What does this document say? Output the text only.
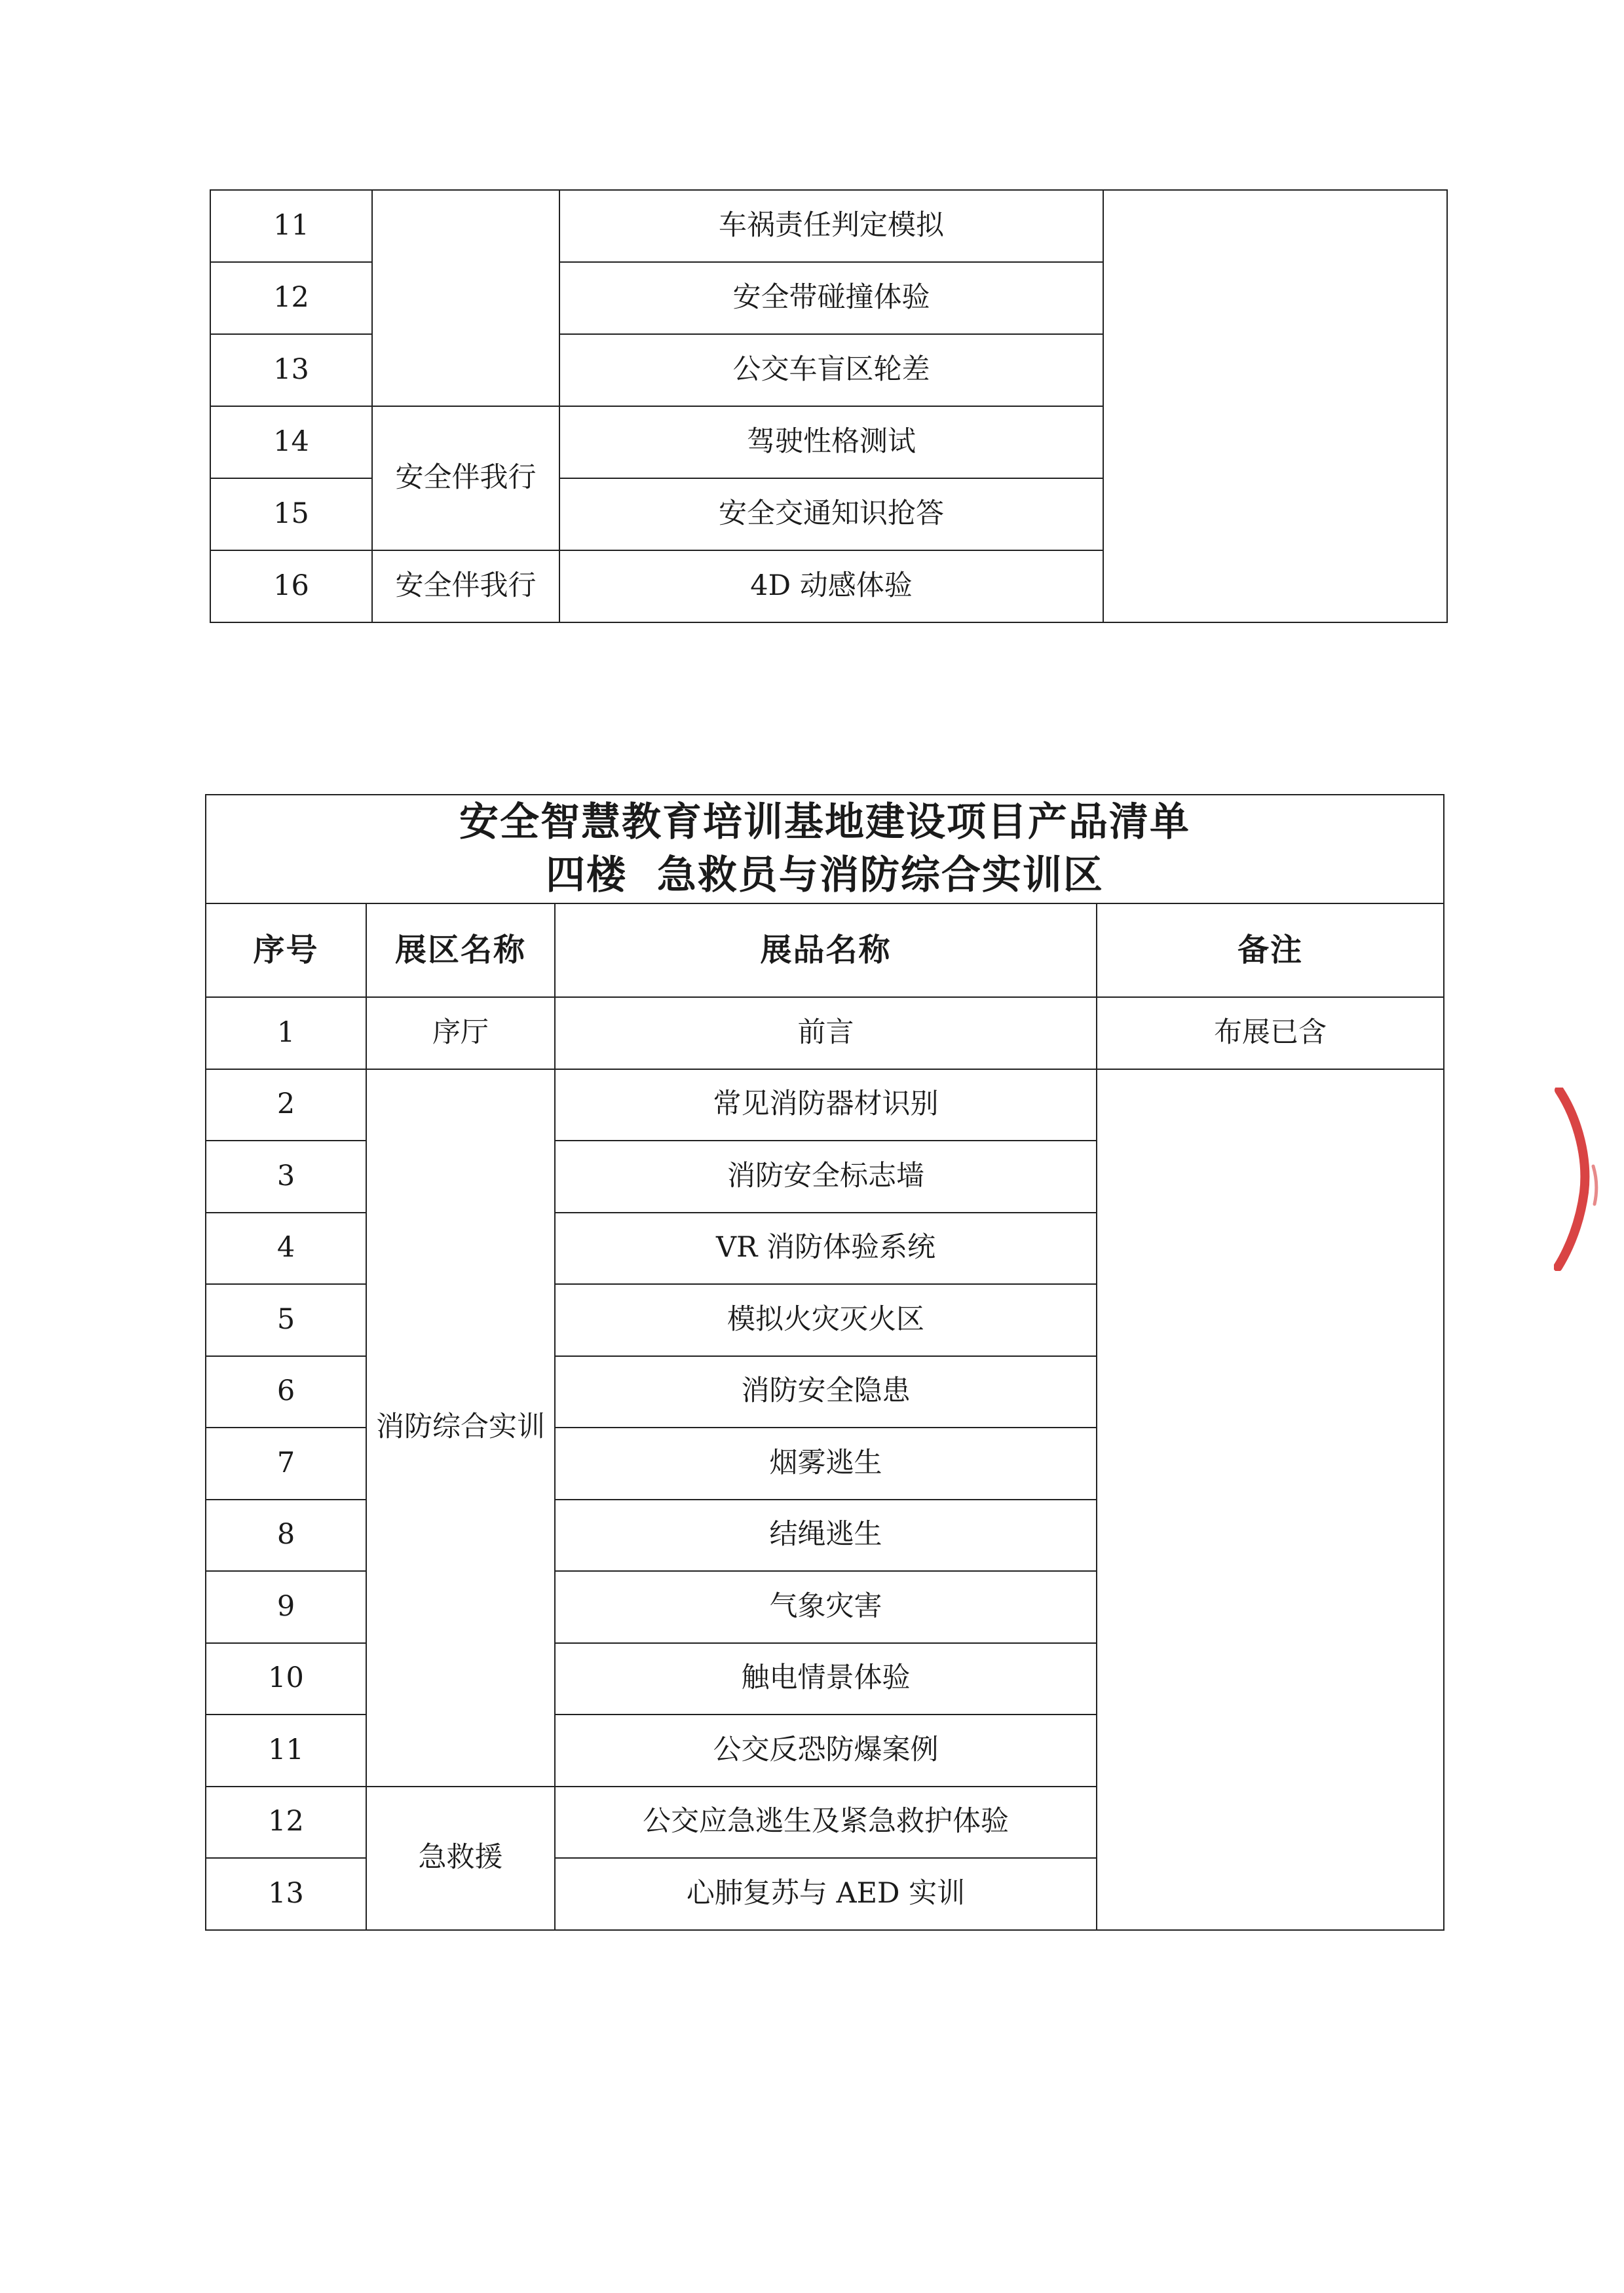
11		车祸责任判定模拟	
12		安全带碰撞体验	
13		公交车盲区轮差	
14	安全伴我行	驾驶性格测试	
15		安全交通知识抢答	
16	安全伴我行	4D 动感体验	
安全智慧教育培训基地建设项目产品清单
四楼  急救员与消防综合实训区			

序号	展区名称	展品名称	备注
1	序厅	前言	布展已含
2	消防综合实训	常见消防器材识别	
3		消防安全标志墙	
4		VR 消防体验系统	
5		模拟火灾灭火区	
6		消防安全隐患	
7		烟雾逃生	
8		结绳逃生	
9		气象灾害	
10		触电情景体验	
11		公交反恐防爆案例	
12	急救援	公交应急逃生及紧急救护体验	
13		心肺复苏与 AED 实训	
